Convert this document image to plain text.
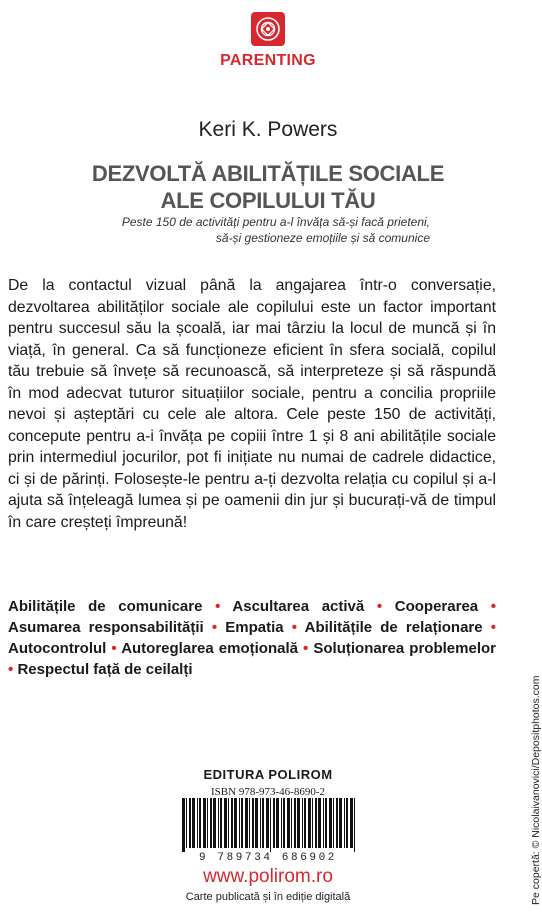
PARENTING
Keri K. Powers
DEZVOLTĂ ABILITĂȚILE SOCIALE
ALE COPILULUI TĂU
Peste 150 de activități pentru a-l învăța să-și facă prieteni,
să-și gestioneze emoțiile și să comunice

De la contactul vizual până la angajarea într-o conversație, dezvoltarea abilităților sociale ale copilului este un factor important pentru succesul său la școală, iar mai târziu la locul de muncă și în viață, în general. Ca să funcționeze eficient în sfera socială, copilul tău trebuie să învețe să recunoască, să interpreteze și să răspundă în mod adecvat tuturor situațiilor sociale, pentru a concilia propriile nevoi și așteptări cu cele ale altora. Cele peste 150 de activități, concepute pentru a-i învăța pe copiii între 1 și 8 ani abilitățile sociale prin intermediul jocurilor, pot fi inițiate nu numai de cadrele didactice, ci și de părinți. Folosește-le pentru a-ți dezvolta relația cu copilul și a-l ajuta să înțeleagă lumea și pe oamenii din jur și bucurați-vă de timpul în care creșteți împreună!

Abilitățile de comunicare • Ascultarea activă • Cooperarea • Asumarea responsabilității • Empatia • Abilitățile de relaționare • Autocontrolul • Autoreglarea emoțională • Soluționarea problemelor • Respectul față de ceilalți

EDITURA POLIROM
ISBN 978-973-46-8690-2
9 789734 686902
www.polirom.ro
Carte publicată și în ediție digitală	Pe copertă: © Nicolaivanovici/Depositphotos.com
